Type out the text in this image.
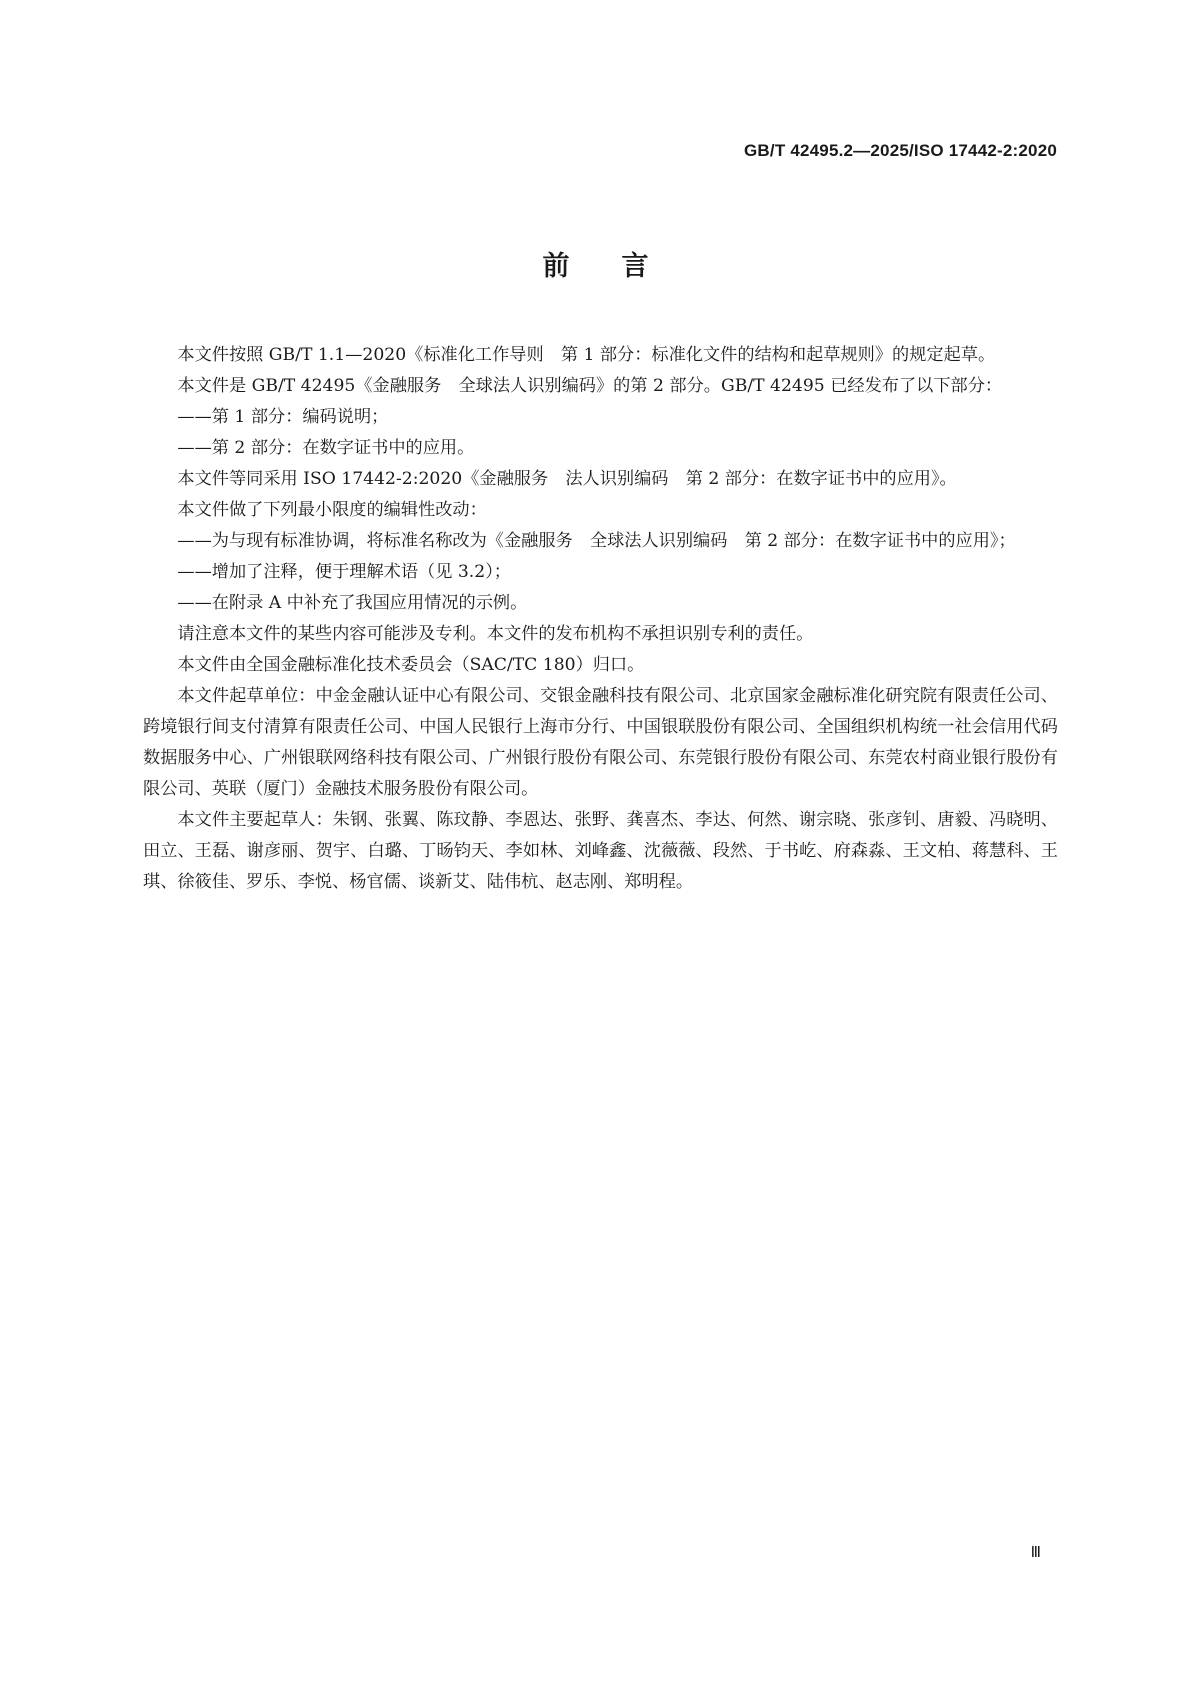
GB/T 42495.2—2025/ISO 17442-2:2020
前言

本文件按照 GB/T 1.1—2020《标准化工作导则　第 1 部分：标准化文件的结构和起草规则》的规定起草。

本文件是 GB/T 42495《金融服务　全球法人识别编码》的第 2 部分。GB/T 42495 已经发布了以下部分：

——第 1 部分：编码说明；

——第 2 部分：在数字证书中的应用。

本文件等同采用 ISO 17442-2:2020《金融服务　法人识别编码　第 2 部分：在数字证书中的应用》。

本文件做了下列最小限度的编辑性改动：

——为与现有标准协调，将标准名称改为《金融服务　全球法人识别编码　第 2 部分：在数字证书中的应用》；

——增加了注释，便于理解术语（见 3.2）；

——在附录 A 中补充了我国应用情况的示例。

请注意本文件的某些内容可能涉及专利。本文件的发布机构不承担识别专利的责任。

本文件由全国金融标准化技术委员会（SAC/TC 180）归口。

本文件起草单位：中金金融认证中心有限公司、交银金融科技有限公司、北京国家金融标准化研究院有限责任公司、跨境银行间支付清算有限责任公司、中国人民银行上海市分行、中国银联股份有限公司、全国组织机构统一社会信用代码数据服务中心、广州银联网络科技有限公司、广州银行股份有限公司、东莞银行股份有限公司、东莞农村商业银行股份有限公司、英联（厦门）金融技术服务股份有限公司。

本文件主要起草人：朱钢、张翼、陈玟静、李恩达、张野、龚喜杰、李达、何然、谢宗晓、张彦钊、唐毅、冯晓明、田立、王磊、谢彦丽、贺宇、白璐、丁旸钧天、李如林、刘峰鑫、沈薇薇、段然、于书屹、府森淼、王文柏、蒋慧科、王琪、徐筱佳、罗乐、李悦、杨官儒、谈新艾、陆伟杭、赵志刚、郑明程。

Ⅲ
